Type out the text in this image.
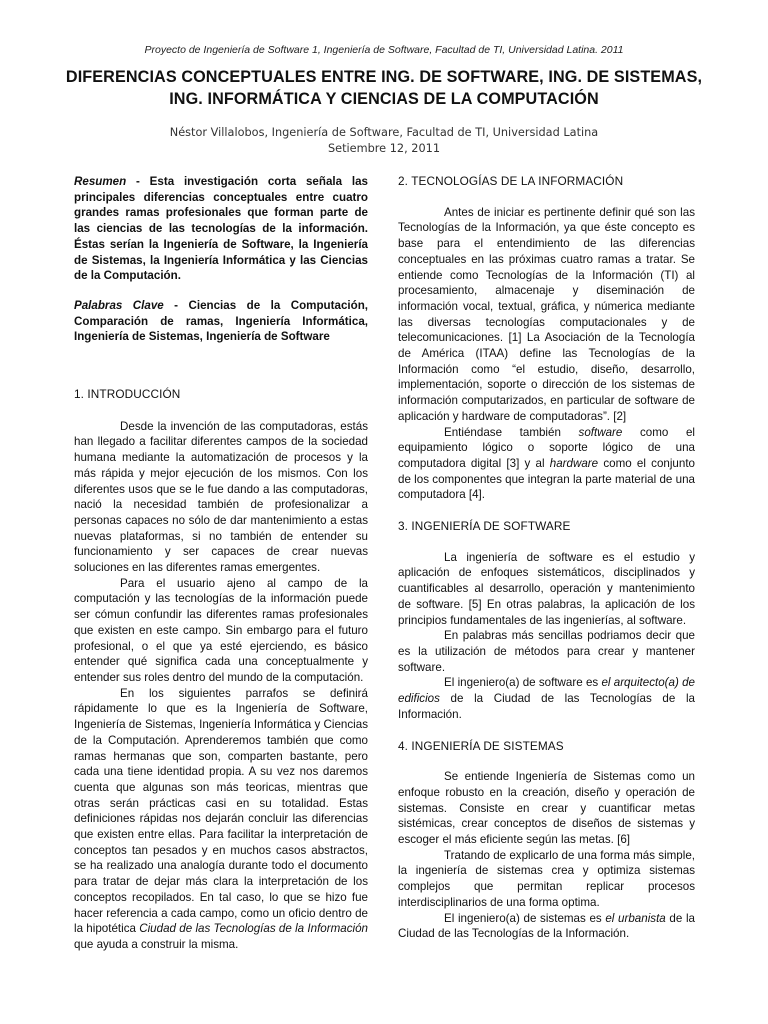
Proyecto de Ingeniería de Software 1, Ingeniería de Software, Facultad de TI, Universidad Latina. 2011
DIFERENCIAS CONCEPTUALES ENTRE ING. DE SOFTWARE, ING. DE SISTEMAS, ING. INFORMÁTICA Y CIENCIAS DE LA COMPUTACIÓN
Néstor Villalobos, Ingeniería de Software, Facultad de TI, Universidad Latina
Setiembre 12, 2011

Resumen - Esta investigación corta señala las principales diferencias conceptuales entre cuatro grandes ramas profesionales que forman parte de las ciencias de las tecnologías de la información. Éstas serían la Ingeniería de Software, la Ingeniería de Sistemas, la Ingeniería Informática y las Ciencias de la Computación.

Palabras Clave - Ciencias de la Computación, Comparación de ramas, Ingeniería Informática, Ingeniería de Sistemas, Ingeniería de Software

1. INTRODUCCIÓN

Desde la invención de las computadoras, estás han llegado a facilitar diferentes campos de la sociedad humana mediante la automatización de procesos y la más rápida y mejor ejecución de los mismos. Con los diferentes usos que se le fue dando a las computadoras, nació la necesidad también de profesionalizar a personas capaces no sólo de dar mantenimiento a estas nuevas plataformas, si no también de entender su funcionamiento y ser capaces de crear nuevas soluciones en las diferentes ramas emergentes.

Para el usuario ajeno al campo de la computación y las tecnologías de la información puede ser cómun confundir las diferentes ramas profesionales que existen en este campo. Sin embargo para el futuro profesional, o el que ya esté ejerciendo, es básico entender qué significa cada una conceptualmente y entender sus roles dentro del mundo de la computación.

En los siguientes parrafos se definirá rápidamente lo que es la Ingeniería de Software, Ingeniería de Sistemas, Ingeniería Informática y Ciencias de la Computación. Aprenderemos también que como ramas hermanas que son, comparten bastante, pero cada una tiene identidad propia. A su vez nos daremos cuenta que algunas son más teoricas, mientras que otras serán prácticas casi en su totalidad. Estas definiciones rápidas nos dejarán concluir las diferencias que existen entre ellas. Para facilitar la interpretación de conceptos tan pesados y en muchos casos abstractos, se ha realizado una analogía durante todo el documento para tratar de dejar más clara la interpretación de los conceptos recopilados. En tal caso, lo que se hizo fue hacer referencia a cada campo, como un oficio dentro de la hipotética Ciudad de las Tecnologías de la Información que ayuda a construir la misma.

2. TECNOLOGÍAS DE LA INFORMACIÓN

Antes de iniciar es pertinente definir qué son las Tecnologías de la Información, ya que éste concepto es base para el entendimiento de las diferencias conceptuales en las próximas cuatro ramas a tratar. Se entiende como Tecnologías de la Información (TI) al procesamiento, almacenaje y diseminación de información vocal, textual, gráfica, y númerica mediante las diversas tecnologías computacionales y de telecomunicaciones. [1] La Asociación de la Tecnología de América (ITAA) define las Tecnologías de la Información como “el estudio, diseño, desarrollo, implementación, soporte o dirección de los sistemas de información computarizados, en particular de software de aplicación y hardware de computadoras”. [2]

Entiéndase también software como el equipamiento lógico o soporte lógico de una computadora digital [3] y al hardware como el conjunto de los componentes que integran la parte material de una computadora [4].

3. INGENIERÍA DE SOFTWARE

La ingeniería de software es el estudio y aplicación de enfoques sistemáticos, disciplinados y cuantificables al desarrollo, operación y mantenimiento de software. [5] En otras palabras, la aplicación de los principios fundamentales de las ingenierías, al software.

En palabras más sencillas podriamos decir que es la utilización de métodos para crear y mantener software.

El ingeniero(a) de software es el arquitecto(a) de edificios de la Ciudad de las Tecnologías de la Información.

4. INGENIERÍA DE SISTEMAS

Se entiende Ingeniería de Sistemas como un enfoque robusto en la creación, diseño y operación de sistemas. Consiste en crear y cuantificar metas sistémicas, crear conceptos de diseños de sistemas y escoger el más eficiente según las metas. [6]

Tratando de explicarlo de una forma más simple, la ingeniería de sistemas crea y optimiza sistemas complejos que permitan replicar procesos interdisciplinarios de una forma optima.

El ingeniero(a) de sistemas es el urbanista de la Ciudad de las Tecnologías de la Información.
